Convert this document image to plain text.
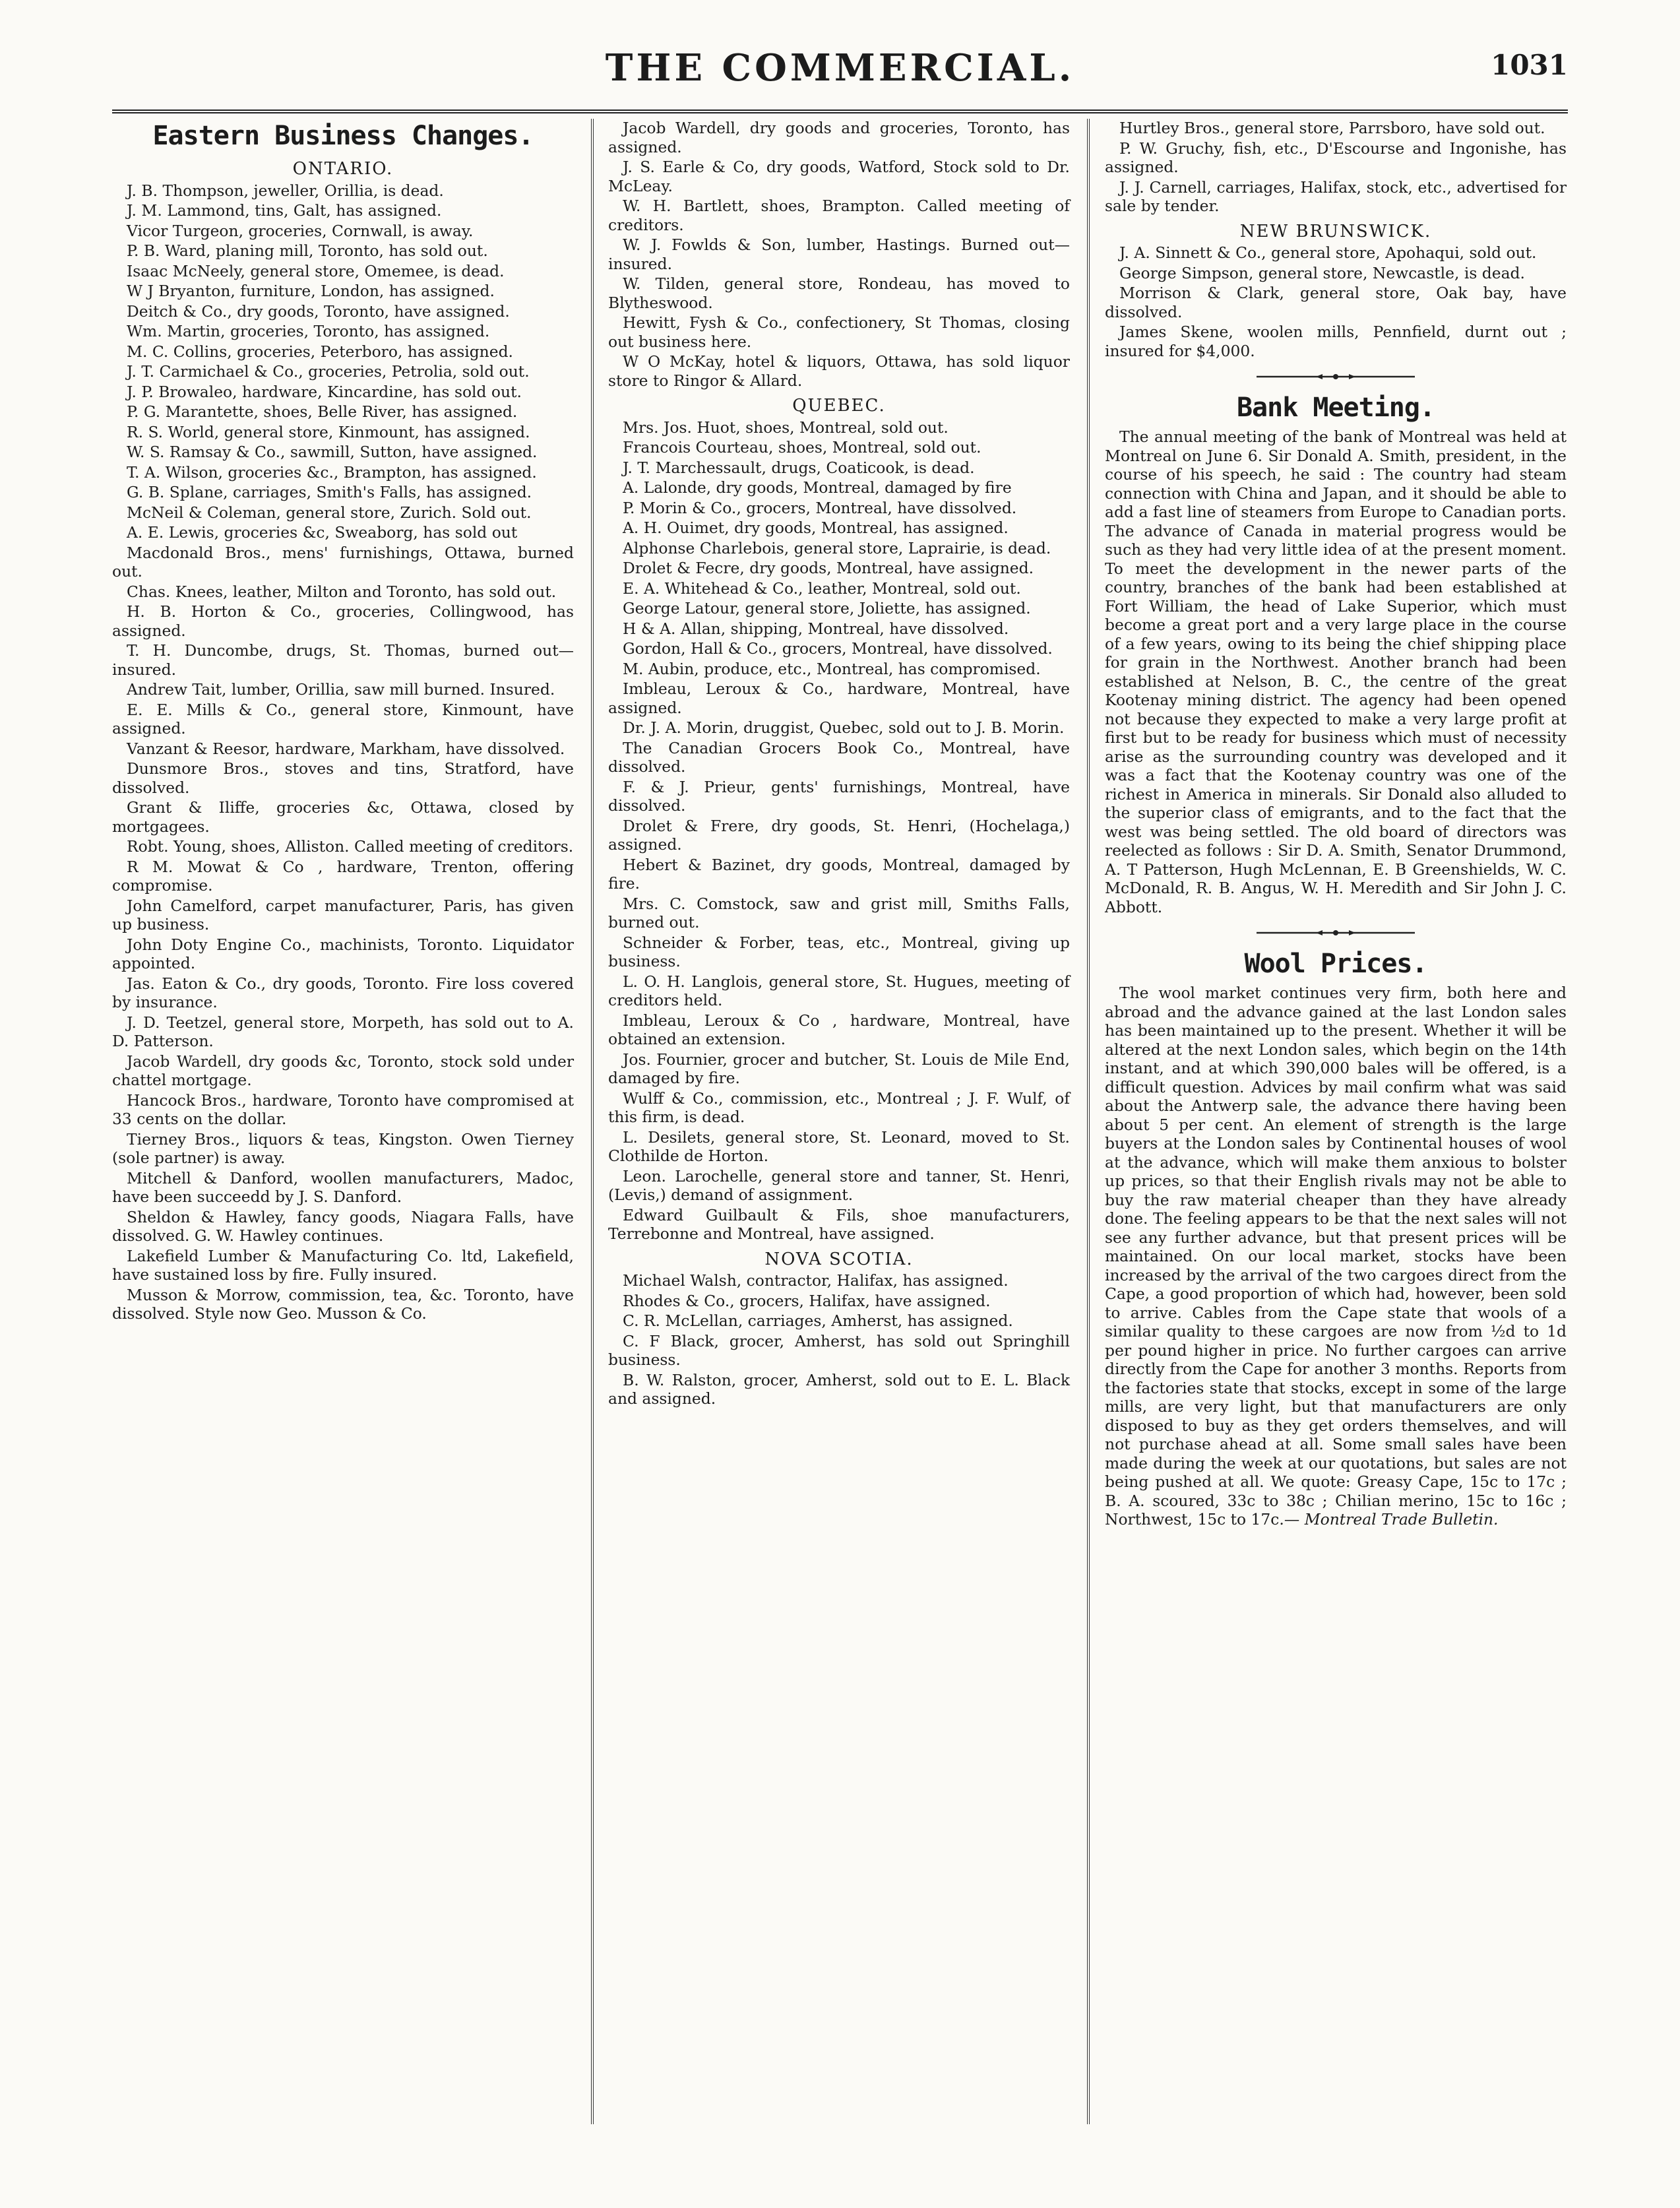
THE COMMERCIAL.	1031
Eastern Business Changes.
ONTARIO.

J. B. Thompson, jeweller, Orillia, is dead.

J. M. Lammond, tins, Galt, has assigned.

Vicor Turgeon, groceries, Cornwall, is away.

P. B. Ward, planing mill, Toronto, has sold out.

Isaac McNeely, general store, Omemee, is dead.

W J Bryanton, furniture, London, has assigned.

Deitch & Co., dry goods, Toronto, have assigned.

Wm. Martin, groceries, Toronto, has assigned.

M. C. Collins, groceries, Peterboro, has assigned.

J. T. Carmichael & Co., groceries, Petrolia, sold out.

J. P. Browaleo, hardware, Kincardine, has sold out.

P. G. Marantette, shoes, Belle River, has assigned.

R. S. World, general store, Kinmount, has assigned.

W. S. Ramsay & Co., sawmill, Sutton, have assigned.

T. A. Wilson, groceries &c., Brampton, has assigned.

G. B. Splane, carriages, Smith's Falls, has assigned.

McNeil & Coleman, general store, Zurich. Sold out.

A. E. Lewis, groceries &c, Sweaborg, has sold out

Macdonald Bros., mens' furnishings, Ottawa, burned out.

Chas. Knees, leather, Milton and Toronto, has sold out.

H. B. Horton & Co., groceries, Collingwood, has assigned.

T. H. Duncombe, drugs, St. Thomas, burned out—insured.

Andrew Tait, lumber, Orillia, saw mill burned. Insured.

E. E. Mills & Co., general store, Kinmount, have assigned.

Vanzant & Reesor, hardware, Markham, have dissolved.

Dunsmore Bros., stoves and tins, Stratford, have dissolved.

Grant & Iliffe, groceries &c, Ottawa, closed by mortgagees.

Robt. Young, shoes, Alliston. Called meeting of creditors.

R M. Mowat & Co , hardware, Trenton, offering compromise.

John Camelford, carpet manufacturer, Paris, has given up business.

John Doty Engine Co., machinists, Toronto. Liquidator appointed.

Jas. Eaton & Co., dry goods, Toronto. Fire loss covered by insurance.

J. D. Teetzel, general store, Morpeth, has sold out to A. D. Patterson.

Jacob Wardell, dry goods &c, Toronto, stock sold under chattel mortgage.

Hancock Bros., hardware, Toronto have compromised at 33 cents on the dollar.

Tierney Bros., liquors & teas, Kingston. Owen Tierney (sole partner) is away.

Mitchell & Danford, woollen manufacturers, Madoc, have been succeedd by J. S. Danford.

Sheldon & Hawley, fancy goods, Niagara Falls, have dissolved. G. W. Hawley continues.

Lakefield Lumber & Manufacturing Co. ltd, Lakefield, have sustained loss by fire. Fully insured.

Musson & Morrow, commission, tea, &c. Toronto, have dissolved. Style now Geo. Musson & Co.

Jacob Wardell, dry goods and groceries, Toronto, has assigned.

J. S. Earle & Co, dry goods, Watford, Stock sold to Dr. McLeay.

W. H. Bartlett, shoes, Brampton. Called meeting of creditors.

W. J. Fowlds & Son, lumber, Hastings. Burned out—insured.

W. Tilden, general store, Rondeau, has moved to Blytheswood.

Hewitt, Fysh & Co., confectionery, St Thomas, closing out business here.

W O McKay, hotel & liquors, Ottawa, has sold liquor store to Ringor & Allard.

QUEBEC.

Mrs. Jos. Huot, shoes, Montreal, sold out.

Francois Courteau, shoes, Montreal, sold out.

J. T. Marchessault, drugs, Coaticook, is dead.

A. Lalonde, dry goods, Montreal, damaged by fire

P. Morin & Co., grocers, Montreal, have dissolved.

A. H. Ouimet, dry goods, Montreal, has assigned.

Alphonse Charlebois, general store, Laprairie, is dead.

Drolet & Fecre, dry goods, Montreal, have assigned.

E. A. Whitehead & Co., leather, Montreal, sold out.

George Latour, general store, Joliette, has assigned.

H & A. Allan, shipping, Montreal, have dissolved.

Gordon, Hall & Co., grocers, Montreal, have dissolved.

M. Aubin, produce, etc., Montreal, has compromised.

Imbleau, Leroux & Co., hardware, Montreal, have assigned.

Dr. J. A. Morin, druggist, Quebec, sold out to J. B. Morin.

The Canadian Grocers Book Co., Montreal, have dissolved.

F. & J. Prieur, gents' furnishings, Montreal, have dissolved.

Drolet & Frere, dry goods, St. Henri, (Hochelaga,) assigned.

Hebert & Bazinet, dry goods, Montreal, damaged by fire.

Mrs. C. Comstock, saw and grist mill, Smiths Falls, burned out.

Schneider & Forber, teas, etc., Montreal, giving up business.

L. O. H. Langlois, general store, St. Hugues, meeting of creditors held.

Imbleau, Leroux & Co , hardware, Montreal, have obtained an extension.

Jos. Fournier, grocer and butcher, St. Louis de Mile End, damaged by fire.

Wulff & Co., commission, etc., Montreal ; J. F. Wulf, of this firm, is dead.

L. Desilets, general store, St. Leonard, moved to St. Clothilde de Horton.

Leon. Larochelle, general store and tanner, St. Henri, (Levis,) demand of assignment.

Edward Guilbault & Fils, shoe manufacturers, Terrebonne and Montreal, have assigned.

NOVA SCOTIA.

Michael Walsh, contractor, Halifax, has assigned.

Rhodes & Co., grocers, Halifax, have assigned.

C. R. McLellan, carriages, Amherst, has assigned.

C. F Black, grocer, Amherst, has sold out Springhill business.

B. W. Ralston, grocer, Amherst, sold out to E. L. Black and assigned.

Hurtley Bros., general store, Parrsboro, have sold out.

P. W. Gruchy, fish, etc., D'Escourse and Ingonishe, has assigned.

J. J. Carnell, carriages, Halifax, stock, etc., advertised for sale by tender.

NEW BRUNSWICK.

J. A. Sinnett & Co., general store, Apohaqui, sold out.

George Simpson, general store, Newcastle, is dead.

Morrison & Clark, general store, Oak bay, have dissolved.

James Skene, woolen mills, Pennfield, durnt out ; insured for $4,000.

Bank Meeting.

The annual meeting of the bank of Montreal was held at Montreal on June 6. Sir Donald A. Smith, president, in the course of his speech, he said : The country had steam connection with China and Japan, and it should be able to add a fast line of steamers from Europe to Canadian ports. The advance of Canada in material progress would be such as they had very little idea of at the present moment. To meet the development in the newer parts of the country, branches of the bank had been established at Fort William, the head of Lake Superior, which must become a great port and a very large place in the course of a few years, owing to its being the chief shipping place for grain in the Northwest. Another branch had been established at Nelson, B. C., the centre of the great Kootenay mining district. The agency had been opened not because they expected to make a very large profit at first but to be ready for business which must of necessity arise as the surrounding country was developed and it was a fact that the Kootenay country was one of the richest in America in minerals. Sir Donald also alluded to the superior class of emigrants, and to the fact that the west was being settled. The old board of directors was reelected as follows : Sir D. A. Smith, Senator Drummond, A. T Patterson, Hugh McLennan, E. B Greenshields, W. C. McDonald, R. B. Angus, W. H. Meredith and Sir John J. C. Abbott.

Wool Prices.

The wool market continues very firm, both here and abroad and the advance gained at the last London sales has been maintained up to the present. Whether it will be altered at the next London sales, which begin on the 14th instant, and at which 390,000 bales will be offered, is a difficult question. Advices by mail confirm what was said about the Antwerp sale, the advance there having been about 5 per cent. An element of strength is the large buyers at the London sales by Continental houses of wool at the advance, which will make them anxious to bolster up prices, so that their English rivals may not be able to buy the raw material cheaper than they have already done. The feeling appears to be that the next sales will not see any further advance, but that present prices will be maintained. On our local market, stocks have been increased by the arrival of the two cargoes direct from the Cape, a good proportion of which had, however, been sold to arrive. Cables from the Cape state that wools of a similar quality to these cargoes are now from ½d to 1d per pound higher in price. No further cargoes can arrive directly from the Cape for another 3 months. Reports from the factories state that stocks, except in some of the large mills, are very light, but that manufacturers are only disposed to buy as they get orders themselves, and will not purchase ahead at all. Some small sales have been made during the week at our quotations, but sales are not being pushed at all. We quote: Greasy Cape, 15c to 17c ; B. A. scoured, 33c to 38c ; Chilian merino, 15c to 16c ; Northwest, 15c to 17c.— Montreal Trade Bulletin.
